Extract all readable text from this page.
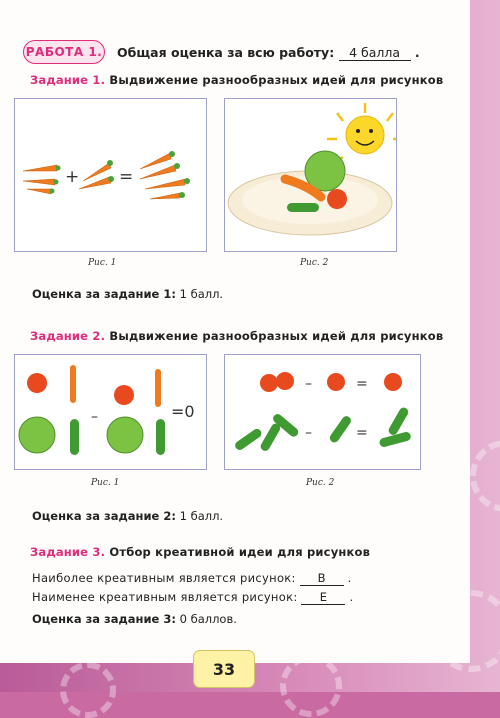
РАБОТА 1. Общая оценка за всю работу: 4 балла .
Задание 1. Выдвижение разнообразных идей для рисунков
+ =
Рис. 1	Рис. 2
Оценка за задание 1: 1 балл.
Задание 2. Выдвижение разнообразных идей для рисунков
–	=0
Рис. 1
–	=
–	=
Рис. 2
Оценка за задание 2: 1 балл.
Задание 3. Отбор креативной идеи для рисунков
Наиболее креативным является рисунок: В .
Наименее креативным является рисунок: Е .
Оценка за задание 3: 0 баллов.
33
